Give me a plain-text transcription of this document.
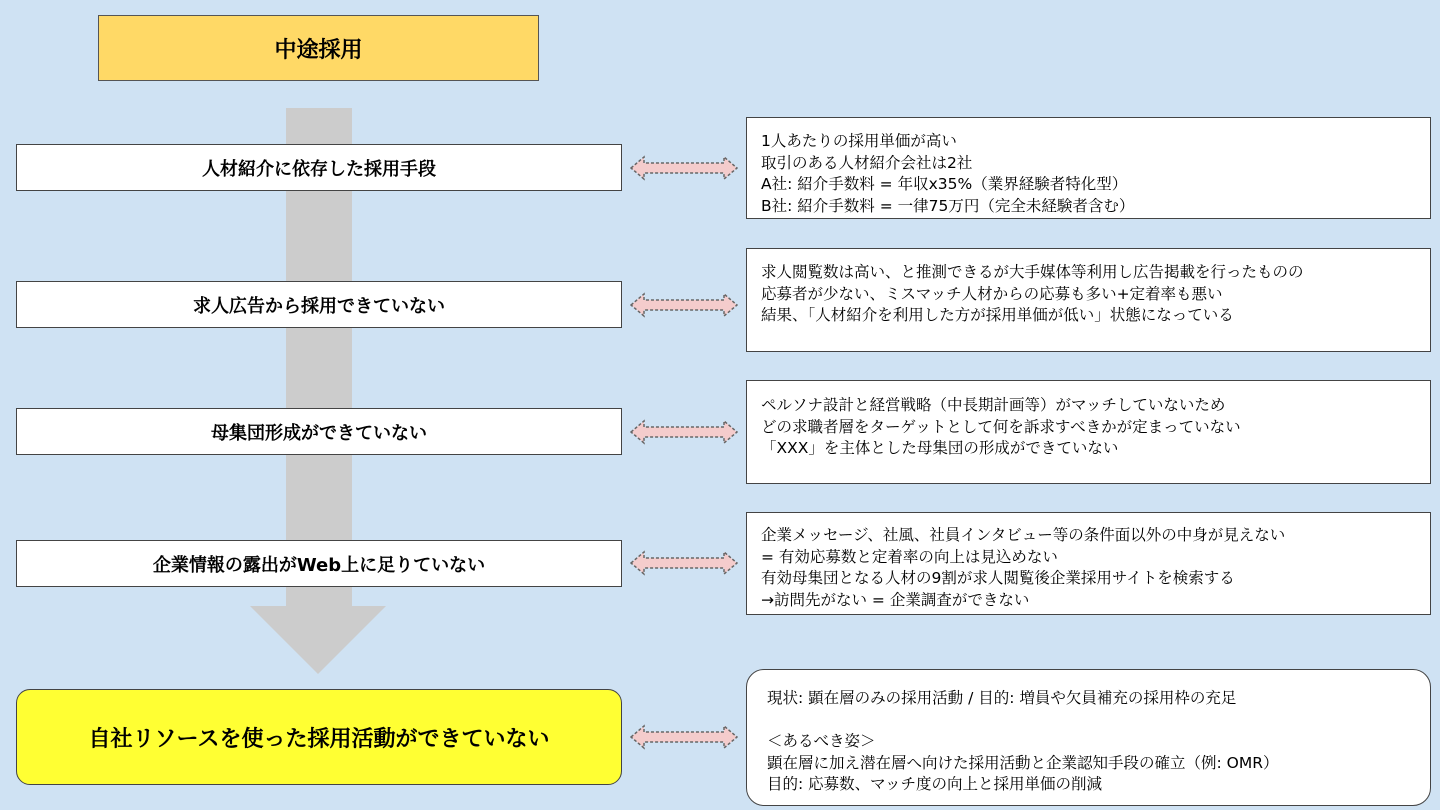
中途採用
人材紹介に依存した採用手段
求人広告から採用できていない
母集団形成ができていない
企業情報の露出がWeb上に足りていない
自社リソースを使った採用活動ができていない
1人あたりの採用単価が高い
取引のある人材紹介会社は2社
A社: 紹介手数料 = 年収x35%（業界経験者特化型）
B社: 紹介手数料 = 一律75万円（完全未経験者含む）
求人閲覧数は高い、と推測できるが大手媒体等利用し広告掲載を行ったものの
応募者が少ない、ミスマッチ人材からの応募も多い+定着率も悪い
結果、「人材紹介を利用した方が採用単価が低い」状態になっている
ペルソナ設計と経営戦略（中長期計画等）がマッチしていないため
どの求職者層をターゲットとして何を訴求すべきかが定まっていない
「XXX」を主体とした母集団の形成ができていない
企業メッセージ、社風、社員インタビュー等の条件面以外の中身が見えない
= 有効応募数と定着率の向上は見込めない
有効母集団となる人材の9割が求人閲覧後企業採用サイトを検索する
→訪問先がない = 企業調査ができない
現状: 顕在層のみの採用活動 / 目的: 増員や欠員補充の採用枠の充足
＜あるべき姿＞
顕在層に加え潜在層へ向けた採用活動と企業認知手段の確立（例: OMR）
目的: 応募数、マッチ度の向上と採用単価の削減
